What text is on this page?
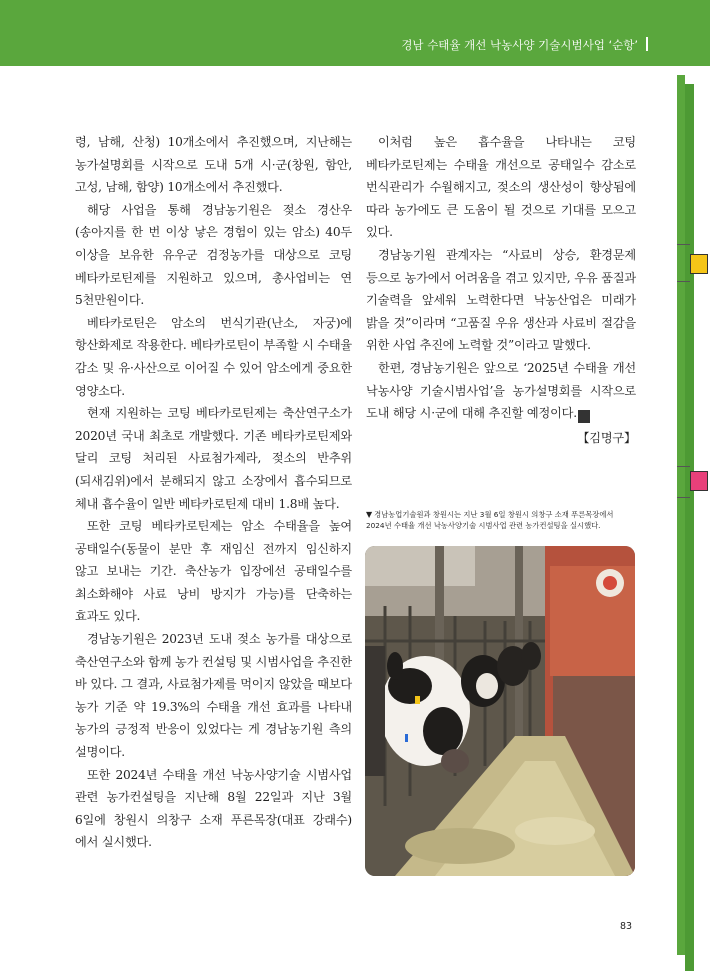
경남 수태율 개선 낙농사양 기술시범사업 ‘순항’

령, 남해, 산청) 10개소에서 추진했으며, 지난해는 농가설명회를 시작으로 도내 5개 시·군(창원, 함안, 고성, 남해, 함양) 10개소에서 추진했다.

해당 사업을 통해 경남농기원은 젖소 경산우(송아지를 한 번 이상 낳은 경험이 있는 암소) 40두 이상을 보유한 유우군 검정농가를 대상으로 코팅 베타카로틴제를 지원하고 있으며, 총사업비는 연 5천만원이다.

베타카로틴은 암소의 번식기관(난소, 자궁)에 항산화제로 작용한다. 베타카로틴이 부족할 시 수태율 감소 및 유·사산으로 이어질 수 있어 암소에게 중요한 영양소다.

현재 지원하는 코팅 베타카로틴제는 축산연구소가 2020년 국내 최초로 개발했다. 기존 베타카로틴제와 달리 코팅 처리된 사료첨가제라, 젖소의 반추위(되새김위)에서 분해되지 않고 소장에서 흡수되므로 체내 흡수율이 일반 베타카로틴제 대비 1.8배 높다.

또한 코팅 베타카로틴제는 암소 수태율을 높여 공태일수(동물이 분만 후 재임신 전까지 임신하지 않고 보내는 기간. 축산농가 입장에선 공태일수를 최소화해야 사료 낭비 방지가 가능)를 단축하는 효과도 있다.

경남농기원은 2023년 도내 젖소 농가를 대상으로 축산연구소와 함께 농가 컨설팅 및 시범사업을 추진한 바 있다. 그 결과, 사료첨가제를 먹이지 않았을 때보다 농가 기준 약 19.3%의 수태율 개선 효과를 나타내 농가의 긍정적 반응이 있었다는 게 경남농기원 측의 설명이다.

또한 2024년 수태율 개선 낙농사양기술 시범사업 관련 농가컨설팅을 지난해 8월 22일과 지난 3월 6일에 창원시 의창구 소재 푸른목장(대표 강래수)에서 실시했다.

이처럼 높은 흡수율을 나타내는 코팅 베타카로틴제는 수태율 개선으로 공태일수 감소로 번식관리가 수월해지고, 젖소의 생산성이 향상됨에 따라 농가에도 큰 도움이 될 것으로 기대를 모으고 있다.

경남농기원 관계자는 “사료비 상승, 환경문제 등으로 농가에서 어려움을 겪고 있지만, 우유 품질과 기술력을 앞세워 노력한다면 낙농산업은 미래가 밝을 것”이라며 “고품질 우유 생산과 사료비 절감을 위한 사업 추진에 노력할 것”이라고 말했다.

한편, 경남농기원은 앞으로 ‘2025년 수태율 개선 낙농사양 기술시범사업’을 농가설명회를 시작으로 도내 해당 시·군에 대해 추진할 예정이다. D

【김명구】

▼ 경남농업기술원과 창원시는 지난 3월 6일 창원시 의창구 소재 푸른목장에서 2024년 수태율 개선 낙농사양기술 시범사업 관련 농가컨설팅을 실시했다.
83
